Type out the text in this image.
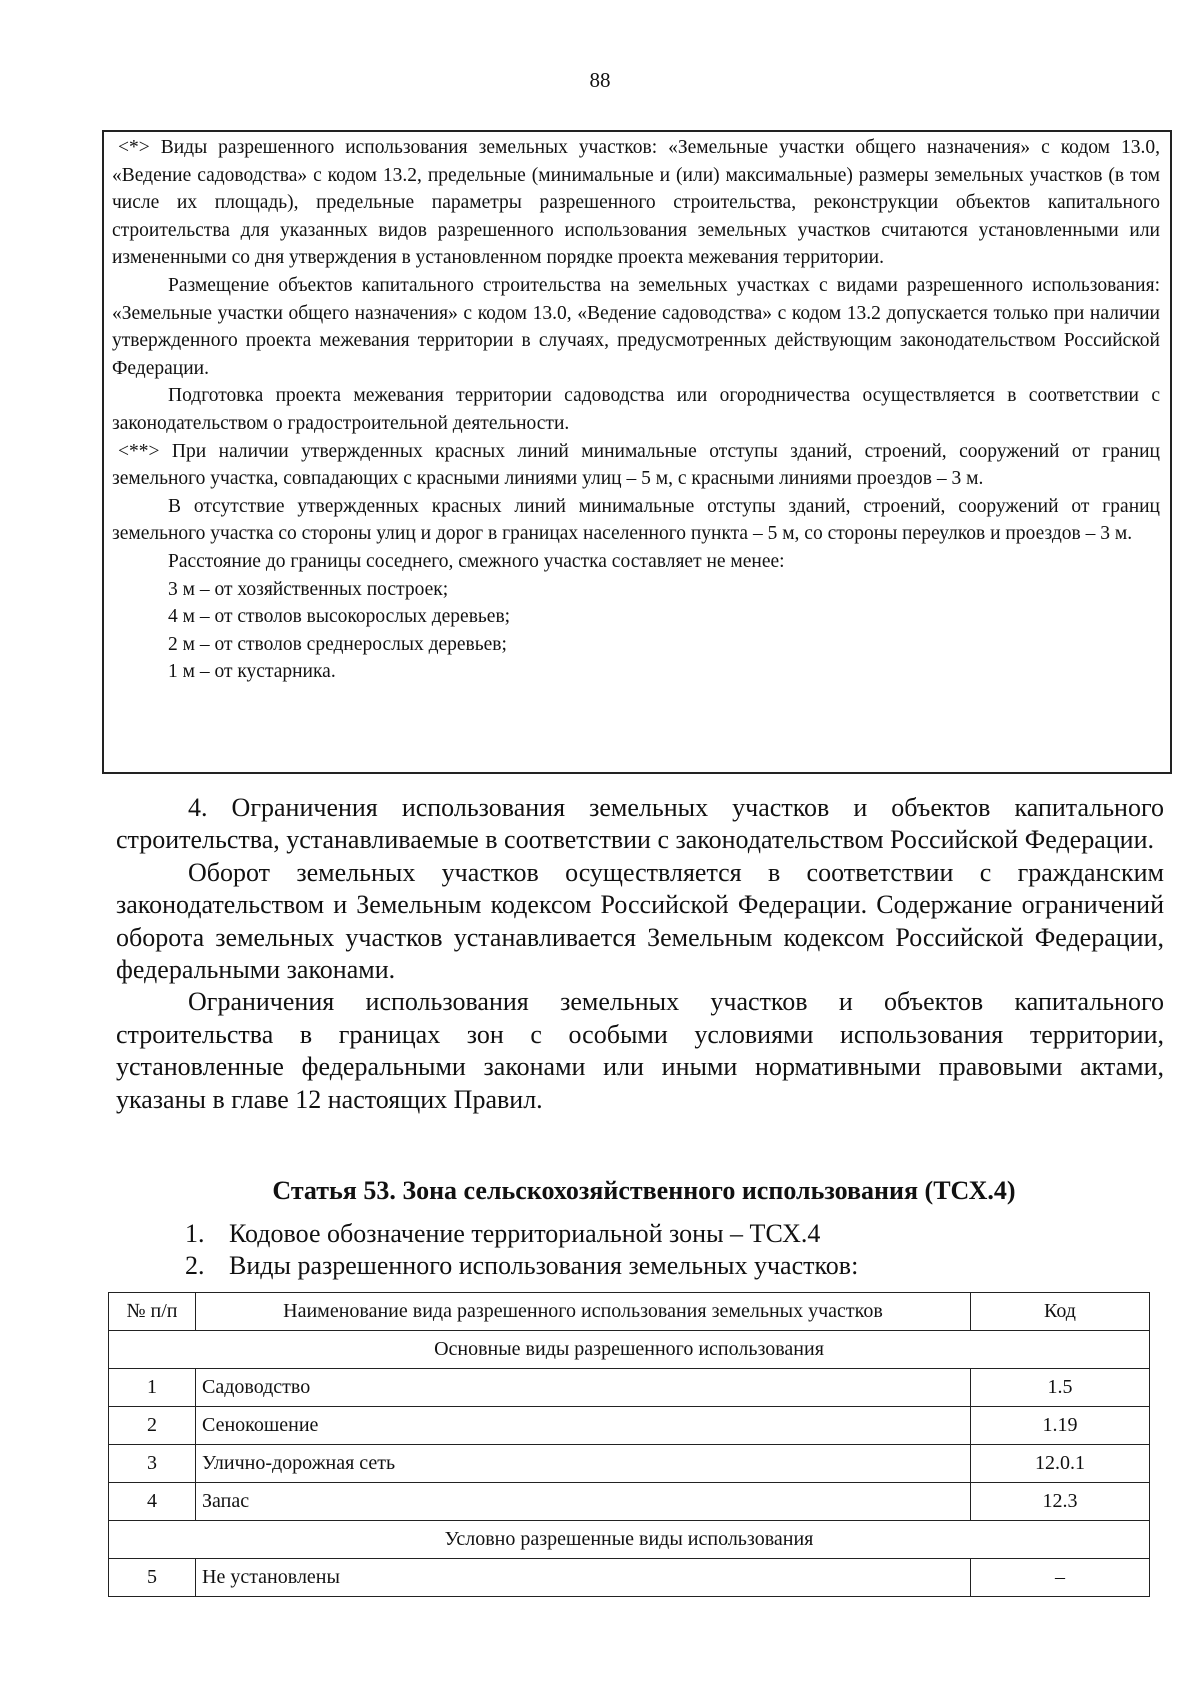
88

<*> Виды разрешенного использования земельных участков: «Земельные участки общего назначения» с кодом 13.0, «Ведение садоводства» с кодом 13.2, предельные (минимальные и (или) максимальные) размеры земельных участков (в том числе их площадь), предельные параметры разрешенного строительства, реконструкции объектов капитального строительства для указанных видов разрешенного использования земельных участков считаются установленными или измененными со дня утверждения в установленном порядке проекта межевания территории.

Размещение объектов капитального строительства на земельных участках с видами разрешенного использования: «Земельные участки общего назначения» с кодом 13.0, «Ведение садоводства» с кодом 13.2 допускается только при наличии утвержденного проекта межевания территории в случаях, предусмотренных действующим законодательством Российской Федерации.

Подготовка проекта межевания территории садоводства или огородничества осуществляется в соответствии с законодательством о градостроительной деятельности.

<**> При наличии утвержденных красных линий минимальные отступы зданий, строений, сооружений от границ земельного участка, совпадающих с красными линиями улиц – 5 м, с красными линиями проездов – 3 м.

В отсутствие утвержденных красных линий минимальные отступы зданий, строений, сооружений от границ земельного участка со стороны улиц и дорог в границах населенного пункта – 5 м, со стороны переулков и проездов – 3 м.

Расстояние до границы соседнего, смежного участка составляет не менее:

3 м – от хозяйственных построек;

4 м – от стволов высокорослых деревьев;

2 м – от стволов среднерослых деревьев;

1 м – от кустарника.

4. Ограничения использования земельных участков и объектов капитального строительства, устанавливаемые в соответствии с законодательством Российской Федерации.

Оборот земельных участков осуществляется в соответствии с гражданским законодательством и Земельным кодексом Российской Федерации. Содержание ограничений оборота земельных участков устанавливается Земельным кодексом Российской Федерации, федеральными законами.

Ограничения использования земельных участков и объектов капитального строительства в границах зон с особыми условиями использования территории, установленные федеральными законами или иными нормативными правовыми актами, указаны в главе 12 настоящих Правил.

Статья 53. Зона сельскохозяйственного использования (ТСХ.4)
1. Кодовое обозначение территориальной зоны – ТСХ.4
2. Виды разрешенного использования земельных участков:
№ п/п	Наименование вида разрешенного использования земельных участков	Код
Основные виды разрешенного использования		
1	Садоводство	1.5
2	Сенокошение	1.19
3	Улично-дорожная сеть	12.0.1
4	Запас	12.3
Условно разрешенные виды использования		
5	Не установлены	–
